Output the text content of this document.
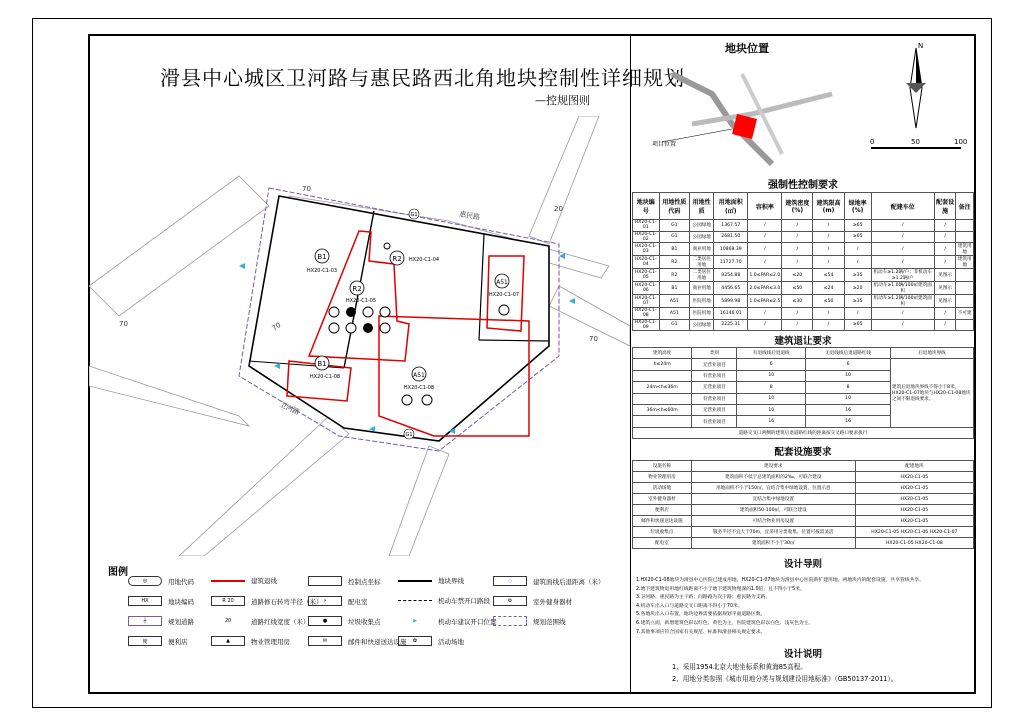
滑县中心城区卫河路与惠民路西北角地块控制性详细规划
—控规图则
B1
HX20-C1-03
R2 HX20-C1-04
R2
HX20-C1-05
A51
HX20-C1-07
B1
HX20-C1-08	A51
HX20-C1-08
70
70
70
70
20
卫河路
惠民路
G1
G1
图例
◎	用地代码
HX	地块编码
┼	规划道路
便	便利店
建筑退线
R 20	道路修石转弯半径（米）
20	道路红线宽度（米）
▲	物业管理用房
控制点坐标
⚡	配电室
●	垃圾收集点
✉	邮件和快递送达设施
地块界线
机动车禁开口路段
▶	机动车建议开口位置
✿	活动场地
◇	建筑面线后退距离（米）
⚙	室外健身器材
规划范围线
地块位置
项目位置
N
0	50	100
强制性控制要求
地块编号	用地性质代码	用地性质	用地面积(㎡)	容积率	建筑密度(%)	建筑限高(m)	绿地率(%)	配建车位	配套设施	备注
HX20-C1-01	G1	公园绿地	1367.57	/	/	/	≥65	/	/	
HX20-C1-02	G1	公园绿地	2681.50	/	/	/	≥65	/	/	
HX20-C1-03	B1	商业用地	10868.39	/	/	/	/	/	/	建筑用地
HX20-C1-04	R2	二类居住用地	11727.70	/	/	/	/	/	/	建筑用地
HX20-C1-05	R2	二类居住用地	9254.88	1.0≤FAR≤2.0	≤20	≤54	≥35	机动车≥1.2辆/户；非机动车≥1.2辆/户	见图示	
HX20-C1-06	B1	商业用地	4456.65	2.0≤FAR≤3.0	≤50	≤24	≥20	机动车≥1.0辆/100㎡建筑面积	见图示	
HX20-C1-07	A51	医院用地	5899.98	1.0≤FAR≤2.5	≤30	≤50	≥35	机动车≥1.2辆/100㎡建筑面积	见图示	
HX20-C1-08	A51	医院用地	16146.01	/	/	/	/	/	/	不可建
HX20-C1-09	G1	公园绿地	2225.31	/	/	/	≥65	/	/	
建筑退让要求
建筑高度	类别	有退线线后退道线	无退线线后退道路红线	后退地块界线
h≤24m	无营业项目	6	6	建筑后退地块界线不得小于8米。HX20-C1-07地块与HX20-C1-08地块之间不限退线要求。
	有营业项目	10	10	
24m<h≤36m	无营业项目	8	8	
	有营业项目	10	10	
36m<h≤60m	无营业项目	10	16	
	有营业项目	16	16	
道路交叉口两侧的建筑后退道路红线的距离按交叉路口要求执行				
配套设施要求
设施名称	建设要求	配建地块
物业管理用房	建筑面积不低于总建筑面积的2‰，可联合建设	HX20-C1-05
活动场地	用地面积不小于150㎡，宜结合集中绿地设置，位置示意	HX20-C1-05
室外健身器材	宜结合集中绿地设置	HX20-C1-05
便利店	建筑面积50-100㎡，可联合建设	HX20-C1-05
邮件和快递送达设施	可结合物业用房设置	HX20-C1-05
垃圾收集点	服务半径不宜大于70m，宜采用分类收集、位置可按需灵活	HX20-C1-05 HX20-C1-06 HX20-C1-07
配电室	建筑面积不小于30㎡	HX20-C1-05 HX20-C1-08
设计导则
1.HX20-C1-08地块为滑县中心医院已建成用地，HX20-C1-07地块为滑县中心医院新扩建用地，两地块内的配套设施，共享管线共享。
2.地下建筑物退用地红线距离不小于地下建筑物埋深的1.0倍，且不得小于5米。
3.卫河路、惠民路为主干路；问路路为次干路；惠民路为支路。
4.机动车出入口与道路交叉口距离不得小于70米。
5.各地块出入口布置，地块边界需要依据规划平面道路区数。
6.建筑立面，新增建筑色彩以红色、黄色为主，医院建筑色彩以白色、浅灰色为主。
7.其他事项应符合国家有关规范、标准和滑县相关规定要求。
设计说明
1、采用1954北京大地坐标系和黄海85高程。
2、用地分类参照《城市用地分类与规划建设用地标准》（GB50137-2011）。
